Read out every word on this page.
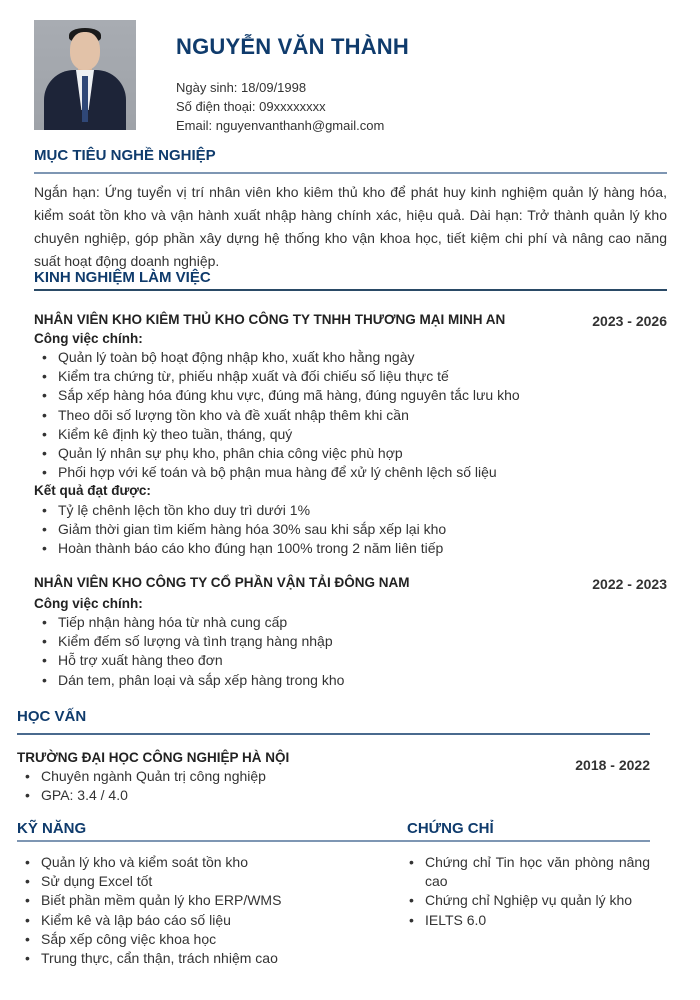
NGUYỄN VĂN THÀNH
Ngày sinh: 18/09/1998
Số điện thoại: 09xxxxxxxx
Email: nguyenvanthanh@gmail.com
MỤC TIÊU NGHỀ NGHIỆP
Ngắn hạn: Ứng tuyển vị trí nhân viên kho kiêm thủ kho để phát huy kinh nghiệm quản lý hàng hóa, kiểm soát tồn kho và vận hành xuất nhập hàng chính xác, hiệu quả. Dài hạn: Trở thành quản lý kho chuyên nghiệp, góp phần xây dựng hệ thống kho vận khoa học, tiết kiệm chi phí và nâng cao năng suất hoạt động doanh nghiệp.
KINH NGHIỆM LÀM VIỆC
NHÂN VIÊN KHO KIÊM THỦ KHO CÔNG TY TNHH THƯƠNG MẠI MINH AN	2023 - 2026
Công việc chính:
• Quản lý toàn bộ hoạt động nhập kho, xuất kho hằng ngày
• Kiểm tra chứng từ, phiếu nhập xuất và đối chiếu số liệu thực tế
• Sắp xếp hàng hóa đúng khu vực, đúng mã hàng, đúng nguyên tắc lưu kho
• Theo dõi số lượng tồn kho và đề xuất nhập thêm khi cần
• Kiểm kê định kỳ theo tuần, tháng, quý
• Quản lý nhân sự phụ kho, phân chia công việc phù hợp
• Phối hợp với kế toán và bộ phận mua hàng để xử lý chênh lệch số liệu
Kết quả đạt được:
• Tỷ lệ chênh lệch tồn kho duy trì dưới 1%
• Giảm thời gian tìm kiếm hàng hóa 30% sau khi sắp xếp lại kho
• Hoàn thành báo cáo kho đúng hạn 100% trong 2 năm liên tiếp
NHÂN VIÊN KHO CÔNG TY CỔ PHẦN VẬN TẢI ĐÔNG NAM	2022 - 2023
Công việc chính:
• Tiếp nhận hàng hóa từ nhà cung cấp
• Kiểm đếm số lượng và tình trạng hàng nhập
• Hỗ trợ xuất hàng theo đơn
• Dán tem, phân loại và sắp xếp hàng trong kho
HỌC VẤN
TRƯỜNG ĐẠI HỌC CÔNG NGHIỆP HÀ NỘI	2018 - 2022
• Chuyên ngành Quản trị công nghiệp
• GPA: 3.4 / 4.0
KỸ NĂNG
• Quản lý kho và kiểm soát tồn kho
• Sử dụng Excel tốt
• Biết phần mềm quản lý kho ERP/WMS
• Kiểm kê và lập báo cáo số liệu
• Sắp xếp công việc khoa học
• Trung thực, cẩn thận, trách nhiệm cao
CHỨNG CHỈ
• Chứng chỉ Tin học văn phòng nâng cao
• Chứng chỉ Nghiệp vụ quản lý kho
• IELTS 6.0
